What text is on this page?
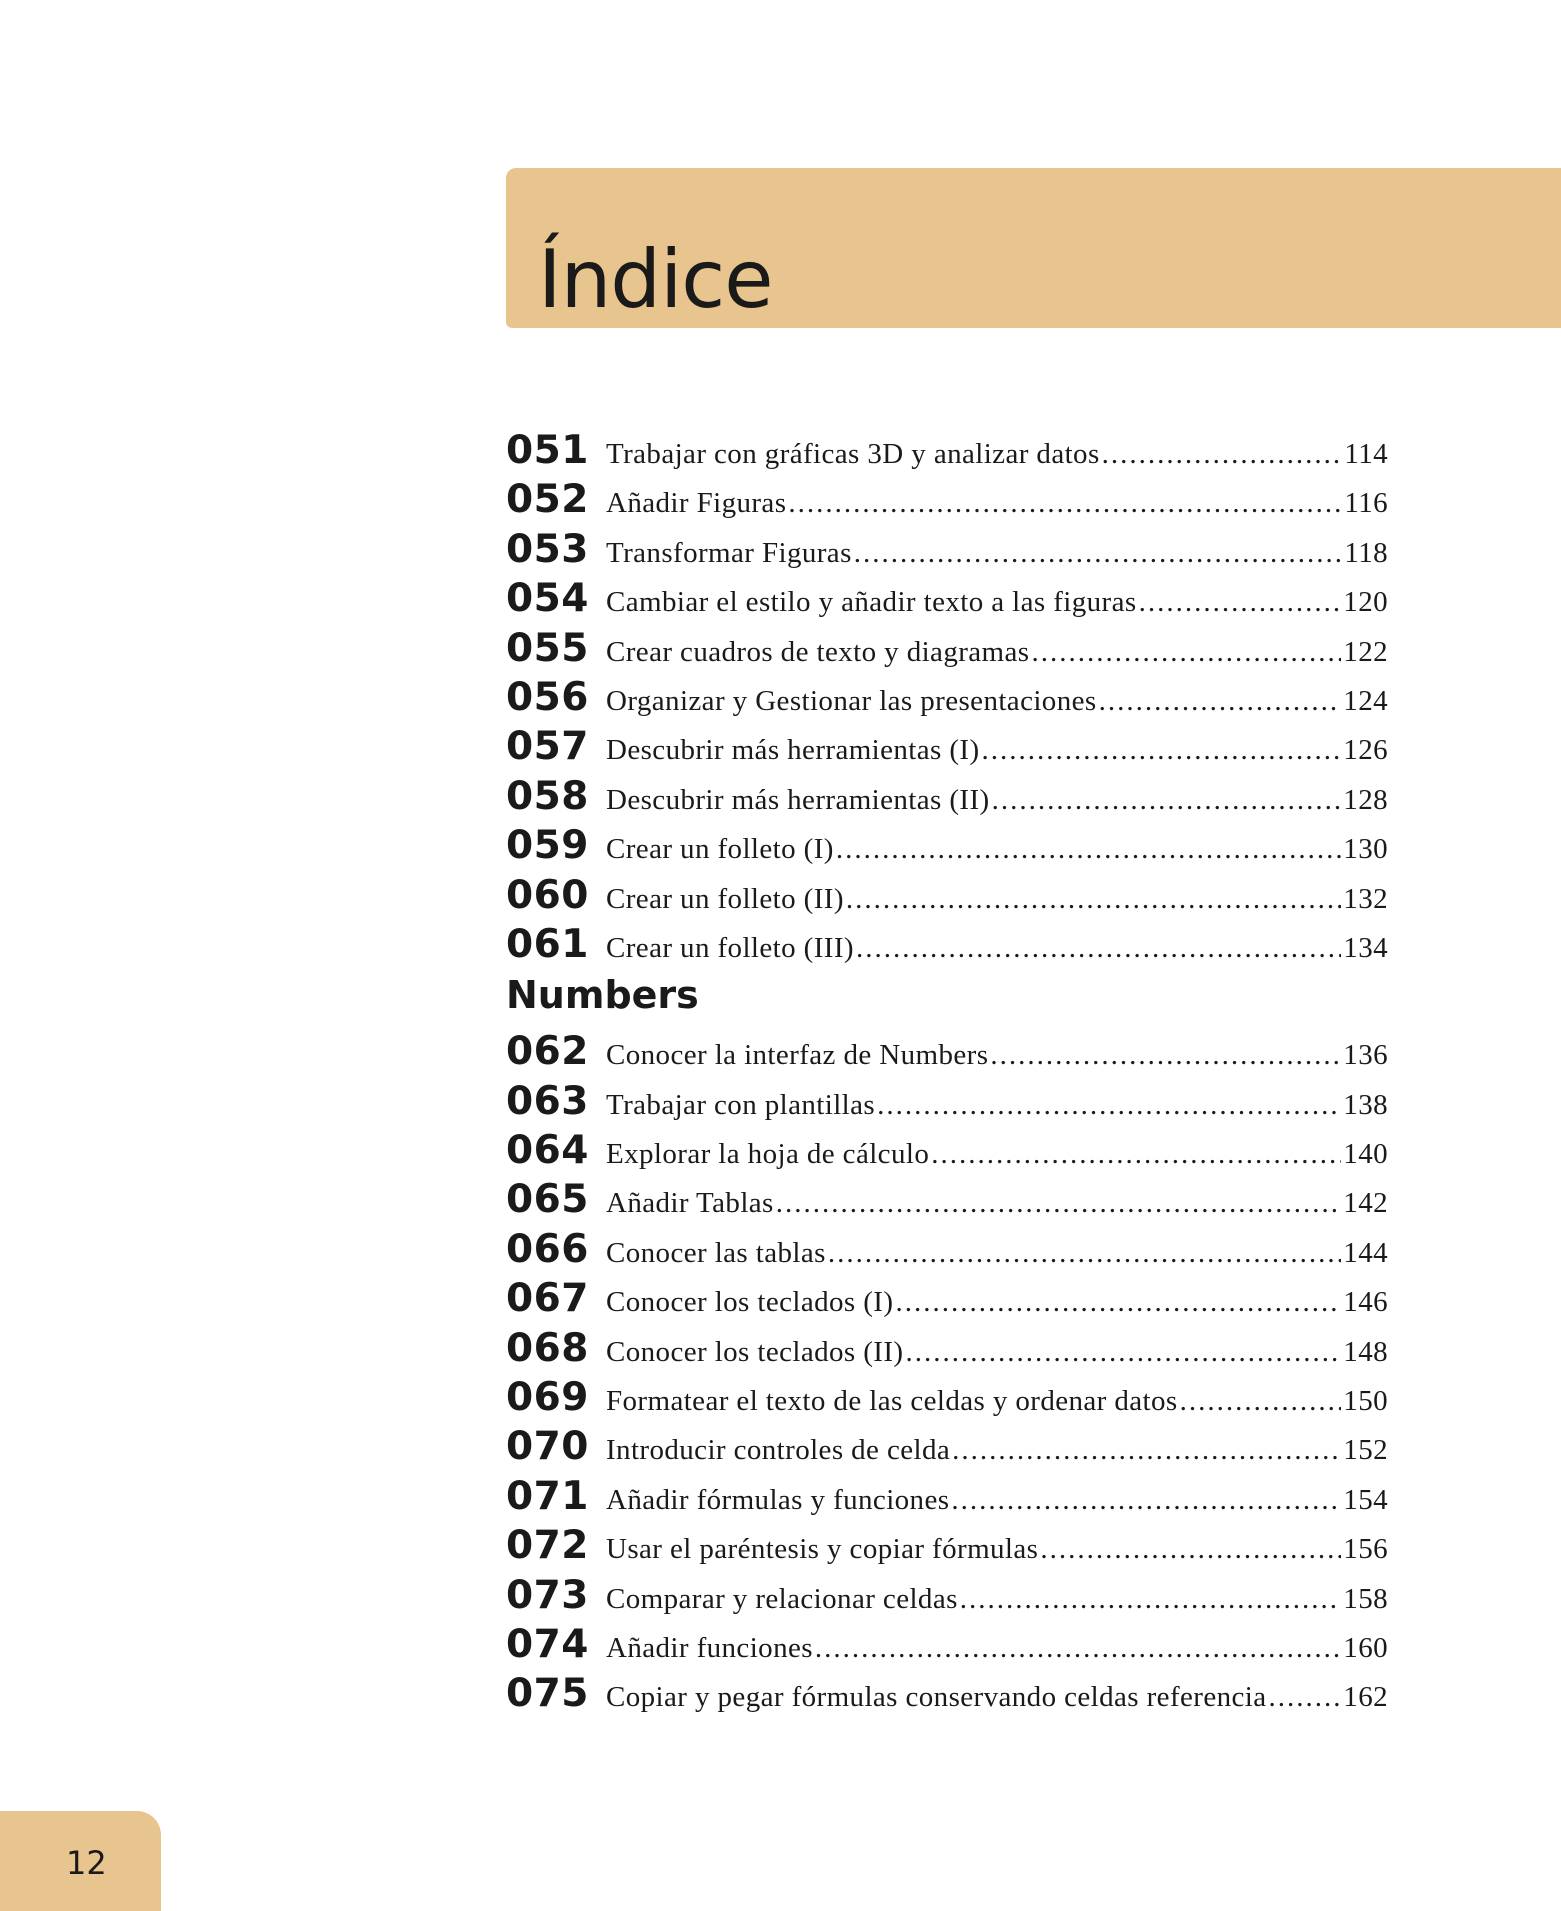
Índice
051 Trabajar con gráficas 3D y analizar datos .....	114
052 Añadir Figuras .....	116
053 Transformar Figuras .....	118
054 Cambiar el estilo y añadir texto a las figuras .....	120
055 Crear cuadros de texto y diagramas .....	122
056 Organizar y Gestionar las presentaciones .....	124
057 Descubrir más herramientas (I) .....	126
058 Descubrir más herramientas (II) .....	128
059 Crear un folleto (I) .....	130
060 Crear un folleto (II) .....	132
061 Crear un folleto (III) .....	134
Numbers
062 Conocer la interfaz de Numbers .....	136
063 Trabajar con plantillas .....	138
064 Explorar la hoja de cálculo .....	140
065 Añadir Tablas .....	142
066 Conocer las tablas .....	144
067 Conocer los teclados (I) .....	146
068 Conocer los teclados (II) .....	148
069 Formatear el texto de las celdas y ordenar datos .....	150
070 Introducir controles de celda .....	152
071 Añadir fórmulas y funciones .....	154
072 Usar el paréntesis y copiar fórmulas .....	156
073 Comparar y relacionar celdas .....	158
074 Añadir funciones .....	160
075 Copiar y pegar fórmulas conservando celdas referencia .....	162
12
